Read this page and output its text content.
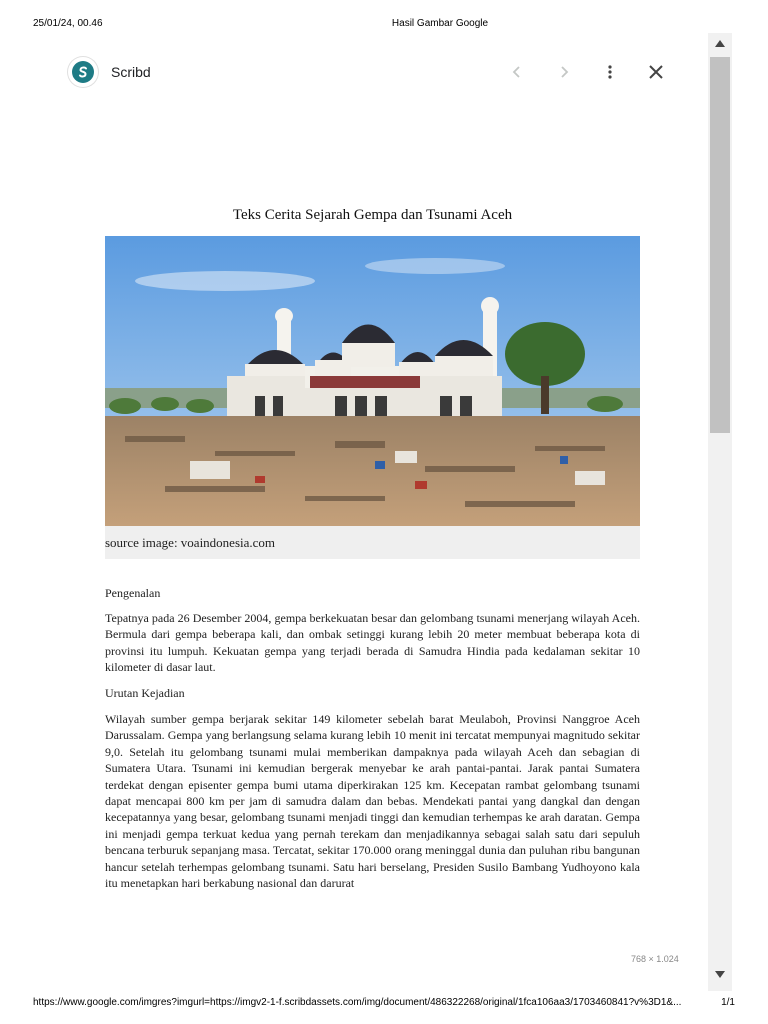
25/01/24, 00.46	Hasil Gambar Google
Scribd
Teks Cerita Sejarah Gempa dan Tsunami Aceh
source image: voaindonesia.com
Pengenalan

Tepatnya pada 26 Desember 2004, gempa berkekuatan besar dan gelombang tsunami menerjang wilayah Aceh. Bermula dari gempa beberapa kali, dan ombak setinggi kurang lebih 20 meter membuat beberapa kota di provinsi itu lumpuh. Kekuatan gempa yang terjadi berada di Samudra Hindia pada kedalaman sekitar 10 kilometer di dasar laut.

Urutan Kejadian

Wilayah sumber gempa berjarak sekitar 149 kilometer sebelah barat Meulaboh, Provinsi Nanggroe Aceh Darussalam. Gempa yang berlangsung selama kurang lebih 10 menit ini tercatat mempunyai magnitudo sekitar 9,0. Setelah itu gelombang tsunami mulai memberikan dampaknya pada wilayah Aceh dan sebagian di Sumatera Utara. Tsunami ini kemudian bergerak menyebar ke arah pantai-pantai. Jarak pantai Sumatera terdekat dengan episenter gempa bumi utama diperkirakan 125 km. Kecepatan rambat gelombang tsunami dapat mencapai 800 km per jam di samudra dalam dan bebas. Mendekati pantai yang dangkal dan dengan kecepatannya yang besar, gelombang tsunami menjadi tinggi dan kemudian terhempas ke arah daratan. Gempa ini menjadi gempa terkuat kedua yang pernah terekam dan menjadikannya sebagai salah satu dari sepuluh bencana terburuk sepanjang masa. Tercatat, sekitar 170.000 orang meninggal dunia dan puluhan ribu bangunan hancur setelah terhempas gelombang tsunami. Satu hari berselang, Presiden Susilo Bambang Yudhoyono kala itu menetapkan hari berkabung nasional dan darurat

768 × 1.024
https://www.google.com/imgres?imgurl=https://imgv2-1-f.scribdassets.com/img/document/486322268/original/1fca106aa3/1703460841?v%3D1&...	1/1
